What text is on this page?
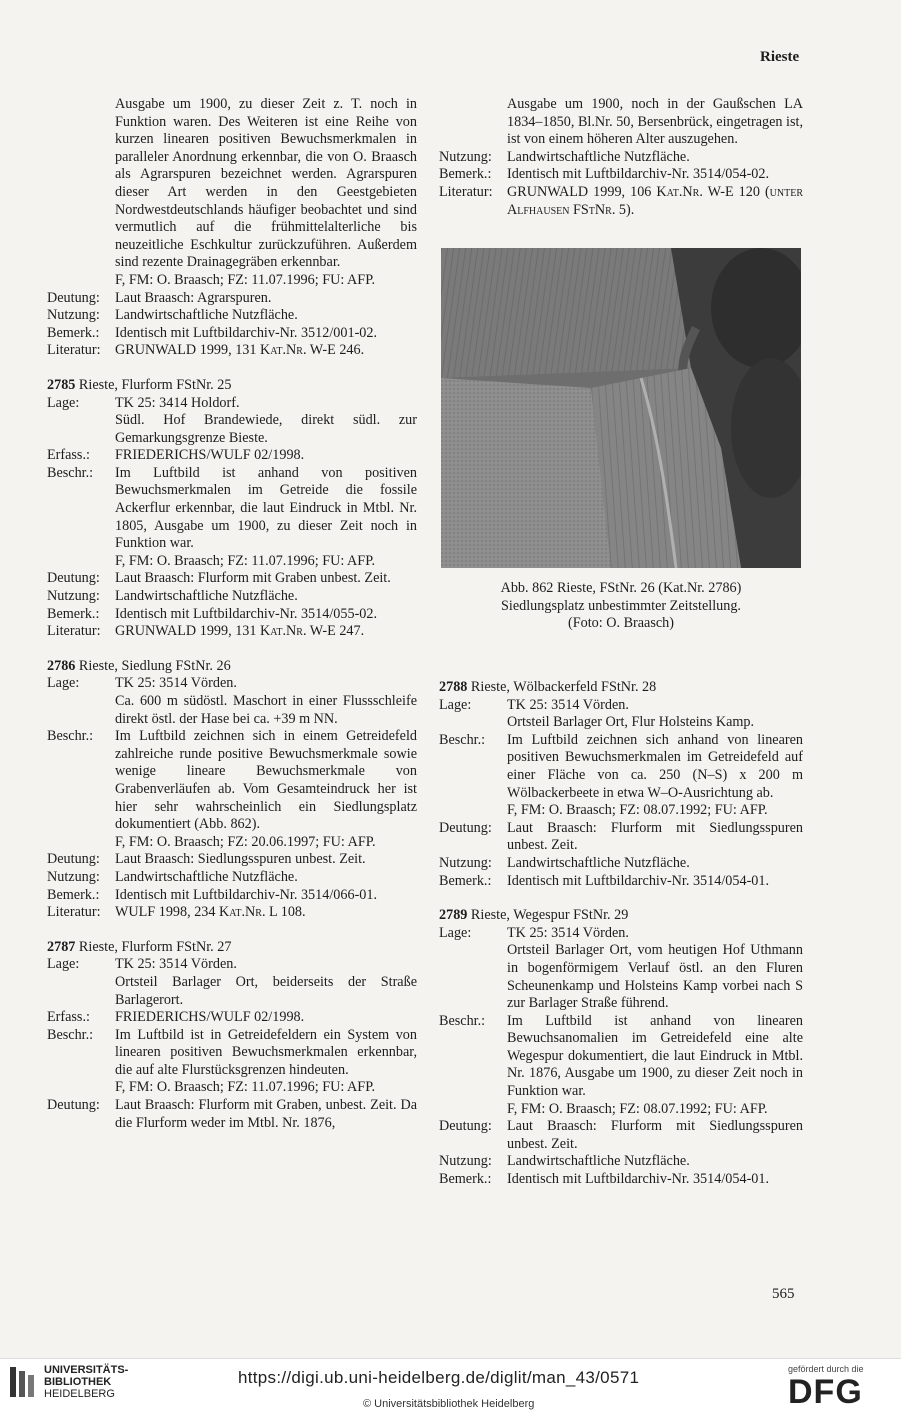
Rieste
Ausgabe um 1900, zu dieser Zeit z. T. noch in Funktion waren. Des Weiteren ist eine Reihe von kurzen linearen positiven Bewuchsmerkmalen in paralleler Anordnung erkennbar, die von O. Braasch als Agrarspuren bezeichnet werden. Agrarspuren dieser Art werden in den Geestgebieten Nordwestdeutschlands häufiger beobachtet und sind vermutlich auf die frühmittelalterliche bis neuzeitliche Eschkultur zurückzuführen. Außerdem sind rezente Drainagegräben erkennbar.
F, FM: O. Braasch; FZ: 11.07.1996; FU: AFP.
Deutung:	Laut Braasch: Agrarspuren.
Nutzung:	Landwirtschaftliche Nutzfläche.
Bemerk.:	Identisch mit Luftbildarchiv-Nr. 3512/001-02.
Literatur:	GRUNWALD 1999, 131 Kat.Nr. W-E 246.
2785 Rieste, Flurform FStNr. 25
Lage:	TK 25: 3414 Holdorf.
Südl. Hof Brandewiede, direkt südl. zur Gemarkungsgrenze Bieste.
Erfass.:	FRIEDERICHS/WULF 02/1998.
Beschr.:	Im Luftbild ist anhand von positiven Bewuchsmerkmalen im Getreide die fossile Ackerflur erkennbar, die laut Eindruck in Mtbl. Nr. 1805, Ausgabe um 1900, zu dieser Zeit noch in Funktion war.
F, FM: O. Braasch; FZ: 11.07.1996; FU: AFP.
Deutung:	Laut Braasch: Flurform mit Graben unbest. Zeit.
Nutzung:	Landwirtschaftliche Nutzfläche.
Bemerk.:	Identisch mit Luftbildarchiv-Nr. 3514/055-02.
Literatur:	GRUNWALD 1999, 131 Kat.Nr. W-E 247.
2786 Rieste, Siedlung FStNr. 26
Lage:	TK 25: 3514 Vörden.
Ca. 600 m südöstl. Maschort in einer Flussschleife direkt östl. der Hase bei ca. +39 m NN.
Beschr.:	Im Luftbild zeichnen sich in einem Getreidefeld zahlreiche runde positive Bewuchsmerkmale sowie wenige lineare Bewuchsmerkmale von Grabenverläufen ab. Vom Gesamteindruck her ist hier sehr wahrscheinlich ein Siedlungsplatz dokumentiert (Abb. 862).
F, FM: O. Braasch; FZ: 20.06.1997; FU: AFP.
Deutung:	Laut Braasch: Siedlungsspuren unbest. Zeit.
Nutzung:	Landwirtschaftliche Nutzfläche.
Bemerk.:	Identisch mit Luftbildarchiv-Nr. 3514/066-01.
Literatur:	WULF 1998, 234 Kat.Nr. L 108.
2787 Rieste, Flurform FStNr. 27
Lage:	TK 25: 3514 Vörden.
Ortsteil Barlager Ort, beiderseits der Straße Barlagerort.
Erfass.:	FRIEDERICHS/WULF 02/1998.
Beschr.:	Im Luftbild ist in Getreidefeldern ein System von linearen positiven Bewuchsmerkmalen erkennbar, die auf alte Flurstücksgrenzen hindeuten.
F, FM: O. Braasch; FZ: 11.07.1996; FU: AFP.
Deutung:	Laut Braasch: Flurform mit Graben, unbest. Zeit. Da die Flurform weder im Mtbl. Nr. 1876,
Ausgabe um 1900, noch in der Gaußschen LA 1834–1850, Bl.Nr. 50, Bersenbrück, eingetragen ist, ist von einem höheren Alter auszugehen.
Nutzung:	Landwirtschaftliche Nutzfläche.
Bemerk.:	Identisch mit Luftbildarchiv-Nr. 3514/054-02.
Literatur:	GRUNWALD 1999, 106 Kat.Nr. W-E 120 (unter Alfhausen FStNr. 5).
Abb. 862 Rieste, FStNr. 26 (Kat.Nr. 2786)
Siedlungsplatz unbestimmter Zeitstellung.
(Foto: O. Braasch)
2788 Rieste, Wölbackerfeld FStNr. 28
Lage:	TK 25: 3514 Vörden.
Ortsteil Barlager Ort, Flur Holsteins Kamp.
Beschr.:	Im Luftbild zeichnen sich anhand von linearen positiven Bewuchsmerkmalen im Getreidefeld auf einer Fläche von ca. 250 (N–S) x 200 m Wölbackerbeete in etwa W–O-Ausrichtung ab.
F, FM: O. Braasch; FZ: 08.07.1992; FU: AFP.
Deutung:	Laut Braasch: Flurform mit Siedlungsspuren unbest. Zeit.
Nutzung:	Landwirtschaftliche Nutzfläche.
Bemerk.:	Identisch mit Luftbildarchiv-Nr. 3514/054-01.
2789 Rieste, Wegespur FStNr. 29
Lage:	TK 25: 3514 Vörden.
Ortsteil Barlager Ort, vom heutigen Hof Uthmann in bogenförmigem Verlauf östl. an den Fluren Scheunenkamp und Holsteins Kamp vorbei nach S zur Barlager Straße führend.
Beschr.:	Im Luftbild ist anhand von linearen Bewuchsanomalien im Getreidefeld eine alte Wegespur dokumentiert, die laut Eindruck in Mtbl. Nr. 1876, Ausgabe um 1900, zu dieser Zeit noch in Funktion war.
F, FM: O. Braasch; FZ: 08.07.1992; FU: AFP.
Deutung:	Laut Braasch: Flurform mit Siedlungsspuren unbest. Zeit.
Nutzung:	Landwirtschaftliche Nutzfläche.
Bemerk.:	Identisch mit Luftbildarchiv-Nr. 3514/054-01.
565
UNIVERSITÄTS-
BIBLIOTHEK
HEIDELBERG
https://digi.ub.uni-heidelberg.de/diglit/man_43/0571
© Universitätsbibliothek Heidelberg
gefördert durch die
DFG
